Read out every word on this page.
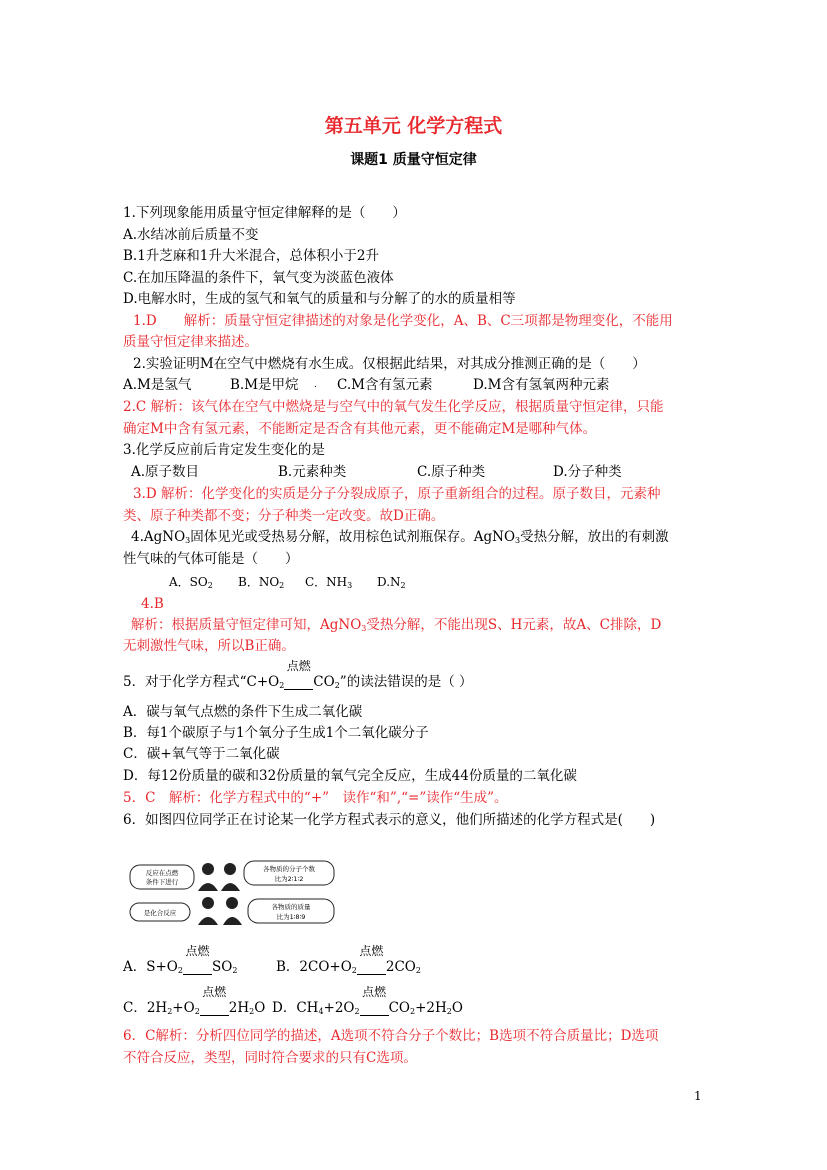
第五单元 化学方程式
课题1 质量守恒定律
1.下列现象能用质量守恒定律解释的是（　　）
A.水结冰前后质量不变
B.1升芝麻和1升大米混合，总体积小于2升
C.在加压降温的条件下，氧气变为淡蓝色液体
D.电解水时，生成的氢气和氧气的质量和与分解了的水的质量相等
1.D　　解析：质量守恒定律描述的对象是化学变化，A、B、C三项都是物理变化，不能用
质量守恒定律来描述。
2.实验证明M在空气中燃烧有水生成。仅根据此结果，对其成分推测正确的是（　　）
A.M是氢气	B.M是甲烷 . C.M含有氢元素	D.M含有氢氧两种元素
2.C 解析：该气体在空气中燃烧是与空气中的氧气发生化学反应，根据质量守恒定律，只能
确定M中含有氢元素，不能断定是否含有其他元素，更不能确定M是哪种气体。
3.化学反应前后肯定发生变化的是
A.原子数目	B.元素种类	C.原子种类	D.分子种类
3.D 解析：化学变化的实质是分子分裂成原子，原子重新组合的过程。原子数目，元素种
类、原子种类都不变；分子种类一定改变。故D正确。
4.AgNO$_3$固体见光或受热易分解，故用棕色试剂瓶保存。AgNO$_3$受热分解，放出的有刺激
性气味的气体可能是（　　）
A．$SO_2$ B．$NO_2$ C．$NH_3$ $D.N_2$
4.B
解析：根据质量守恒定律可知，AgNO$_3$受热分解，不能出现S、H元素，故A、C排除，D
无刺激性气味，所以B正确。
5．对于化学方程式“$C+O_2$
点燃
  $CO_2$”的读法错误的是（ ）
A．碳与氧气点燃的条件下生成二氧化碳
B．每1个碳原子与1个氧分子生成1个二氧化碳分子
C．碳+氧气等于二氧化碳
D．每12份质量的碳和32份质量的氧气完全反应，生成44份质量的二氧化碳
5．C　解析：化学方程式中的“+”　读作“和”,“=”读作“生成”。
6．如图四位同学正在讨论某一化学方程式表示的意义，他们所描述的化学方程式是(　　)
反应在点燃
条件下进行
各物质的分子个数
比为2∶1∶2
是化合反应
各物质的质量
比为1∶8∶9
A．$S+O_2$
点燃
  $SO_2$	B．$2CO+O_2$
点燃
  $2CO_2$
C．$2H_2+O_2$
点燃
  $2H_2O$ D．$CH_4+2O_2$
点燃
  $CO_2+2H_2O$
6．C解析：分析四位同学的描述，A选项不符合分子个数比；B选项不符合质量比；D选项
不符合反应，类型，同时符合要求的只有C选项。
1
